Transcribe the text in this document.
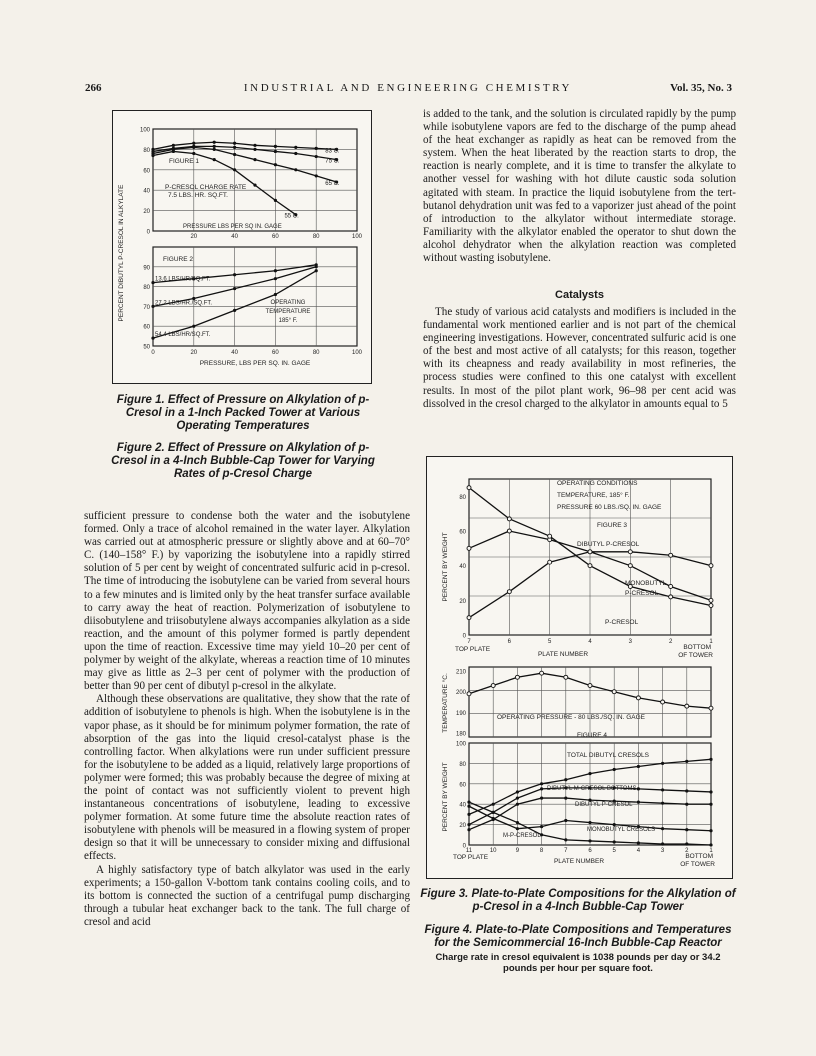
266	INDUSTRIAL AND ENGINEERING CHEMISTRY	Vol. 35, No. 3
PERCENT DIBUTYL P-CRESOL IN ALKYLATE	0
20
40
60
80
100
20	40	60	80	100
83 C.
75 C.
65 C.
55 C.
FIGURE 1
P-CRESOL CHARGE RATE
7.5 LBS. HR. SQ.FT.
PRESSURE LBS PER SQ IN. GAGE
50
60
70
80
90
0	20	40	60	80	100
13.6 LBS/HR/SQ.FT.
27.2 LBS/HR./SQ.FT.
54.4 LBS/HR/SQ.FT.
FIGURE 2
OPERATING
TEMPERATURE
185° F.
PRESSURE, LBS PER SQ. IN. GAGE
Figure 1. Effect of Pressure on Alkylation of p-Cresol in a 1-Inch Packed Tower at Various Operating Temperatures
Figure 2. Effect of Pressure on Alkylation of p-Cresol in a 4-Inch Bubble-Cap Tower for Varying Rates of p-Cresol Charge

sufficient pressure to condense both the water and the isobutylene formed. Only a trace of alcohol remained in the water layer. Alkylation was carried out at atmospheric pressure or slightly above and at 60–70° C. (140–158° F.) by vaporizing the isobutylene into a rapidly stirred solution of 5 per cent by weight of concentrated sulfuric acid in p-cresol. The time of introducing the isobutylene can be varied from several hours to a few minutes and is limited only by the heat transfer surface available to carry away the heat of reaction. Polymerization of isobutylene to diisobutylene and triisobutylene always accompanies alkylation as a side reaction, and the amount of this polymer formed is partly dependent upon the time of reaction. Excessive time may yield 10–20 per cent of polymer by weight of the alkylate, whereas a reaction time of 10 minutes may give as little as 2–3 per cent of polymer with the production of better than 90 per cent of dibutyl p-cresol in the alkylate.

Although these observations are qualitative, they show that the rate of addition of isobutylene to phenols is high. When the isobutylene is in the vapor phase, as it should be for minimum polymer formation, the rate of absorption of the gas into the liquid cresol-catalyst phase is the controlling factor. When alkylations were run under sufficient pressure for the isobutylene to be added as a liquid, relatively large proportions of polymer were formed; this was probably because the degree of mixing at the point of contact was not sufficiently violent to prevent high instantaneous concentrations of isobutylene, leading to excessive polymer formation. At some future time the absolute reaction rates of isobutylene with phenols will be measured in a flowing system of proper design so that it will be unnecessary to consider mixing and diffusional effects.

A highly satisfactory type of batch alkylator was used in the early experiments; a 150-gallon V-bottom tank contains cooling coils, and to its bottom is connected the suction of a centrifugal pump discharging through a tubular heat exchanger back to the tank. The full charge of cresol and acid

is added to the tank, and the solution is circulated rapidly by the pump while isobutylene vapors are fed to the discharge of the pump ahead of the heat exchanger as rapidly as heat can be removed from the system. When the heat liberated by the reaction starts to drop, the reaction is nearly complete, and it is time to transfer the alkylate to another vessel for washing with hot dilute caustic soda solution agitated with steam. In practice the liquid isobutylene from the tert-butanol dehydration unit was fed to a vaporizer just ahead of the point of introduction to the alkylator without intermediate storage. Familiarity with the alkylator enabled the operator to shut down the alcohol dehydrator when the alkylation reaction was completed without wasting isobutylene.

Catalysts

The study of various acid catalysts and modifiers is included in the fundamental work mentioned earlier and is not part of the chemical engineering investigations. However, concentrated sulfuric acid is one of the best and most active of all catalysts; for this reason, together with its cheapness and ready availability in most refineries, the process studies were confined to this one catalyst with excellent results. In most of the pilot plant work, 96–98 per cent acid was dissolved in the cresol charged to the alkylator in amounts equal to 5

0
20
40
60
80
7	6	5	4	3	2	1
PERCENT BY WEIGHT
OPERATING CONDITIONS
TEMPERATURE, 185° F.
PRESSURE 60 LBS./SQ. IN. GAGE
FIGURE 3
DIBUTYL P-CRESOL
MONOBUTYL
P-CRESOL
P-CRESOL
TOP PLATE
PLATE NUMBER
BOTTOM
OF TOWER
180
190
200
210
TEMPERATURE °C.	OPERATING PRESSURE - 80 LBS./SQ. IN. GAGE
FIGURE 4
0
20
40
60
80
100
11	10	9	8	7	6	5	4	3	2	1
PERCENT BY WEIGHT
TOTAL DIBUTYL CRESOLS
DIBUTYL M-CRESOL BOTTOMS
DIBUTYL P-CRESOL
M-P-CRESOL
MONOBUTYL CRESOLS
TOP PLATE
PLATE NUMBER
BOTTOM
OF TOWER
Figure 3. Plate-to-Plate Compositions for the Alkylation of p-Cresol in a 4-Inch Bubble-Cap Tower
Figure 4. Plate-to-Plate Compositions and Temperatures for the Semicommercial 16-Inch Bubble-Cap Reactor
Charge rate in cresol equivalent is 1038 pounds per day or 34.2 pounds per hour per square foot.
